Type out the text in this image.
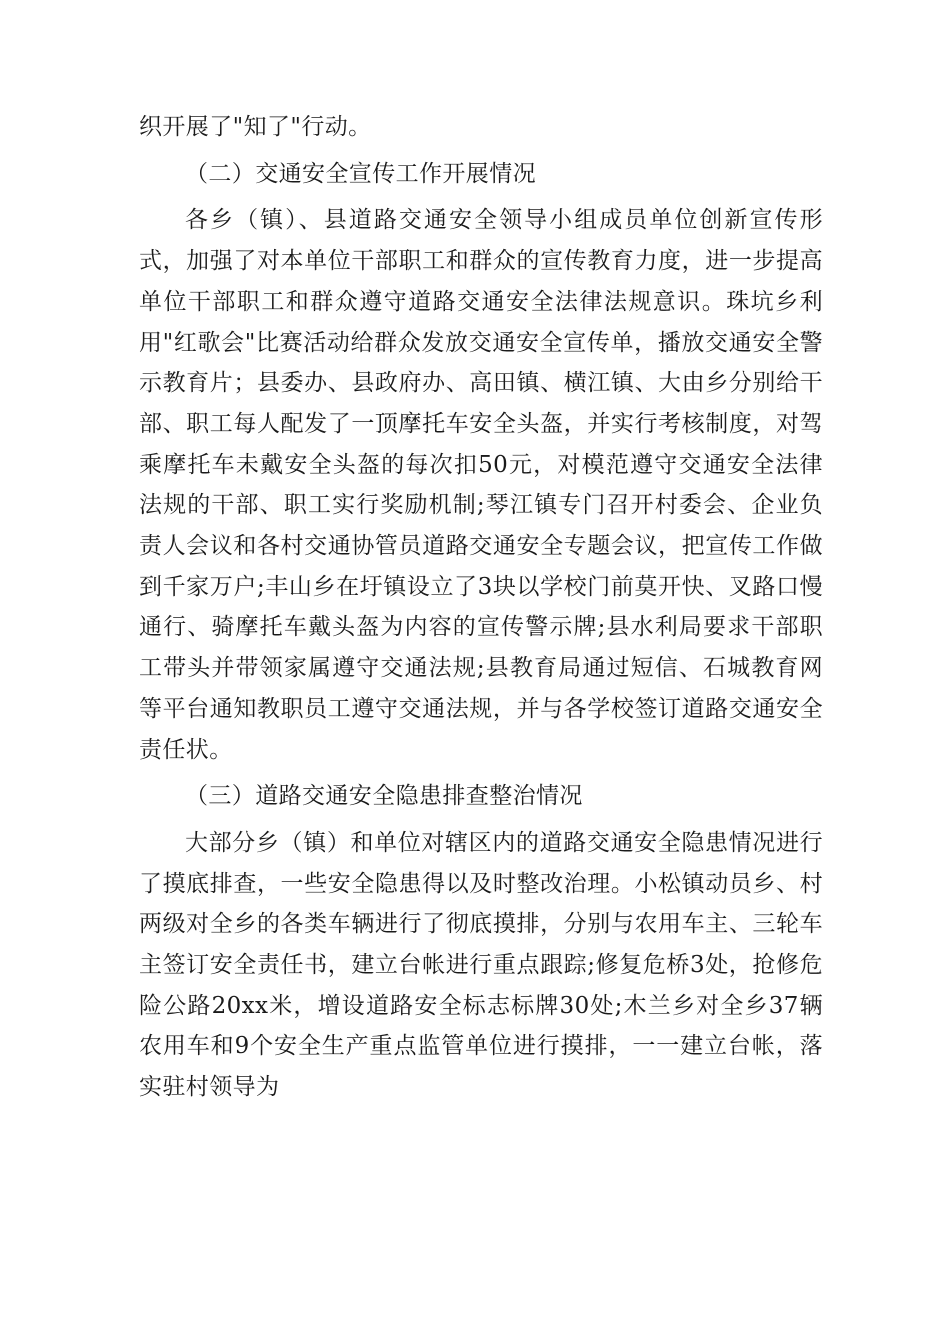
织开展了"知了"行动。

（二）交通安全宣传工作开展情况

各乡（镇）、县道路交通安全领导小组成员单位创新宣传形式，加强了对本单位干部职工和群众的宣传教育力度，进一步提高单位干部职工和群众遵守道路交通安全法律法规意识。珠坑乡利用"红歌会"比赛活动给群众发放交通安全宣传单，播放交通安全警示教育片；县委办、县政府办、高田镇、横江镇、大由乡分别给干部、职工每人配发了一顶摩托车安全头盔，并实行考核制度，对驾乘摩托车未戴安全头盔的每次扣50元，对模范遵守交通安全法律法规的干部、职工实行奖励机制;琴江镇专门召开村委会、企业负责人会议和各村交通协管员道路交通安全专题会议，把宣传工作做到千家万户;丰山乡在圩镇设立了3块以学校门前莫开快、叉路口慢通行、骑摩托车戴头盔为内容的宣传警示牌;县水利局要求干部职工带头并带领家属遵守交通法规;县教育局通过短信、石城教育网等平台通知教职员工遵守交通法规，并与各学校签订道路交通安全责任状。

（三）道路交通安全隐患排查整治情况

大部分乡（镇）和单位对辖区内的道路交通安全隐患情况进行了摸底排查，一些安全隐患得以及时整改治理。小松镇动员乡、村两级对全乡的各类车辆进行了彻底摸排，分别与农用车主、三轮车主签订安全责任书，建立台帐进行重点跟踪;修复危桥3处，抢修危险公路20xx米，增设道路安全标志标牌30处;木兰乡对全乡37辆农用车和9个安全生产重点监管单位进行摸排，一一建立台帐，落实驻村领导为
